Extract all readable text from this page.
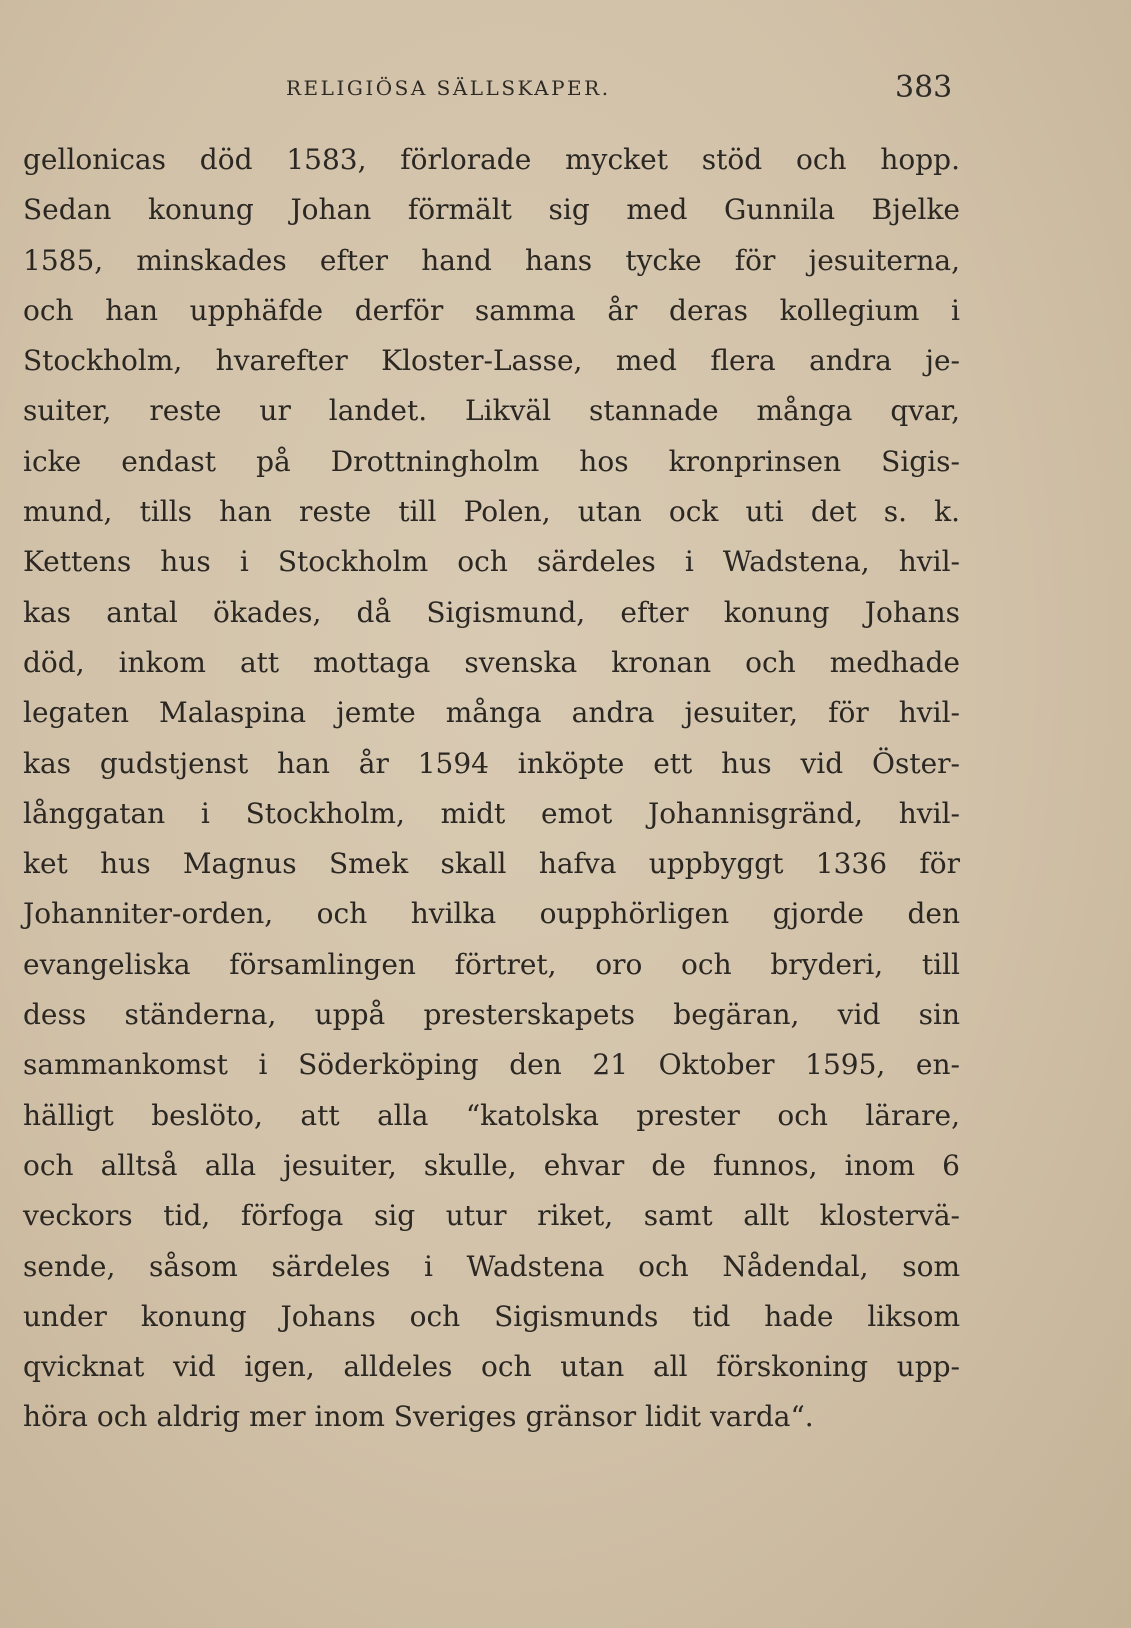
RELIGIÖSA SÄLLSKAPER.	383
gellonicas död 1583, förlorade mycket stöd och hopp.
Sedan konung Johan förmält sig med Gunnila Bjelke
1585, minskades efter hand hans tycke för jesuiterna,
och han upphäfde derför samma år deras kollegium i
Stockholm, hvarefter Kloster-Lasse, med flera andra je-
suiter, reste ur landet. Likväl stannade många qvar,
icke endast på Drottningholm hos kronprinsen Sigis-
mund, tills han reste till Polen, utan ock uti det s. k.
Kettens hus i Stockholm och särdeles i Wadstena, hvil-
kas antal ökades, då Sigismund, efter konung Johans
död, inkom att mottaga svenska kronan och medhade
legaten Malaspina jemte många andra jesuiter, för hvil-
kas gudstjenst han år 1594 inköpte ett hus vid Öster-
långgatan i Stockholm, midt emot Johannisgränd, hvil-
ket hus Magnus Smek skall hafva uppbyggt 1336 för
Johanniter-orden, och hvilka oupphörligen gjorde den
evangeliska församlingen förtret, oro och bryderi, till
dess ständerna, uppå presterskapets begäran, vid sin
sammankomst i Söderköping den 21 Oktober 1595, en-
hälligt beslöto, att alla “katolska prester och lärare,
och alltså alla jesuiter, skulle, ehvar de funnos, inom 6
veckors tid, förfoga sig utur riket, samt allt klostervä-
sende, såsom särdeles i Wadstena och Nådendal, som
under konung Johans och Sigismunds tid hade liksom
qvicknat vid igen, alldeles och utan all förskoning upp-
höra och aldrig mer inom Sveriges gränsor lidit varda“.
